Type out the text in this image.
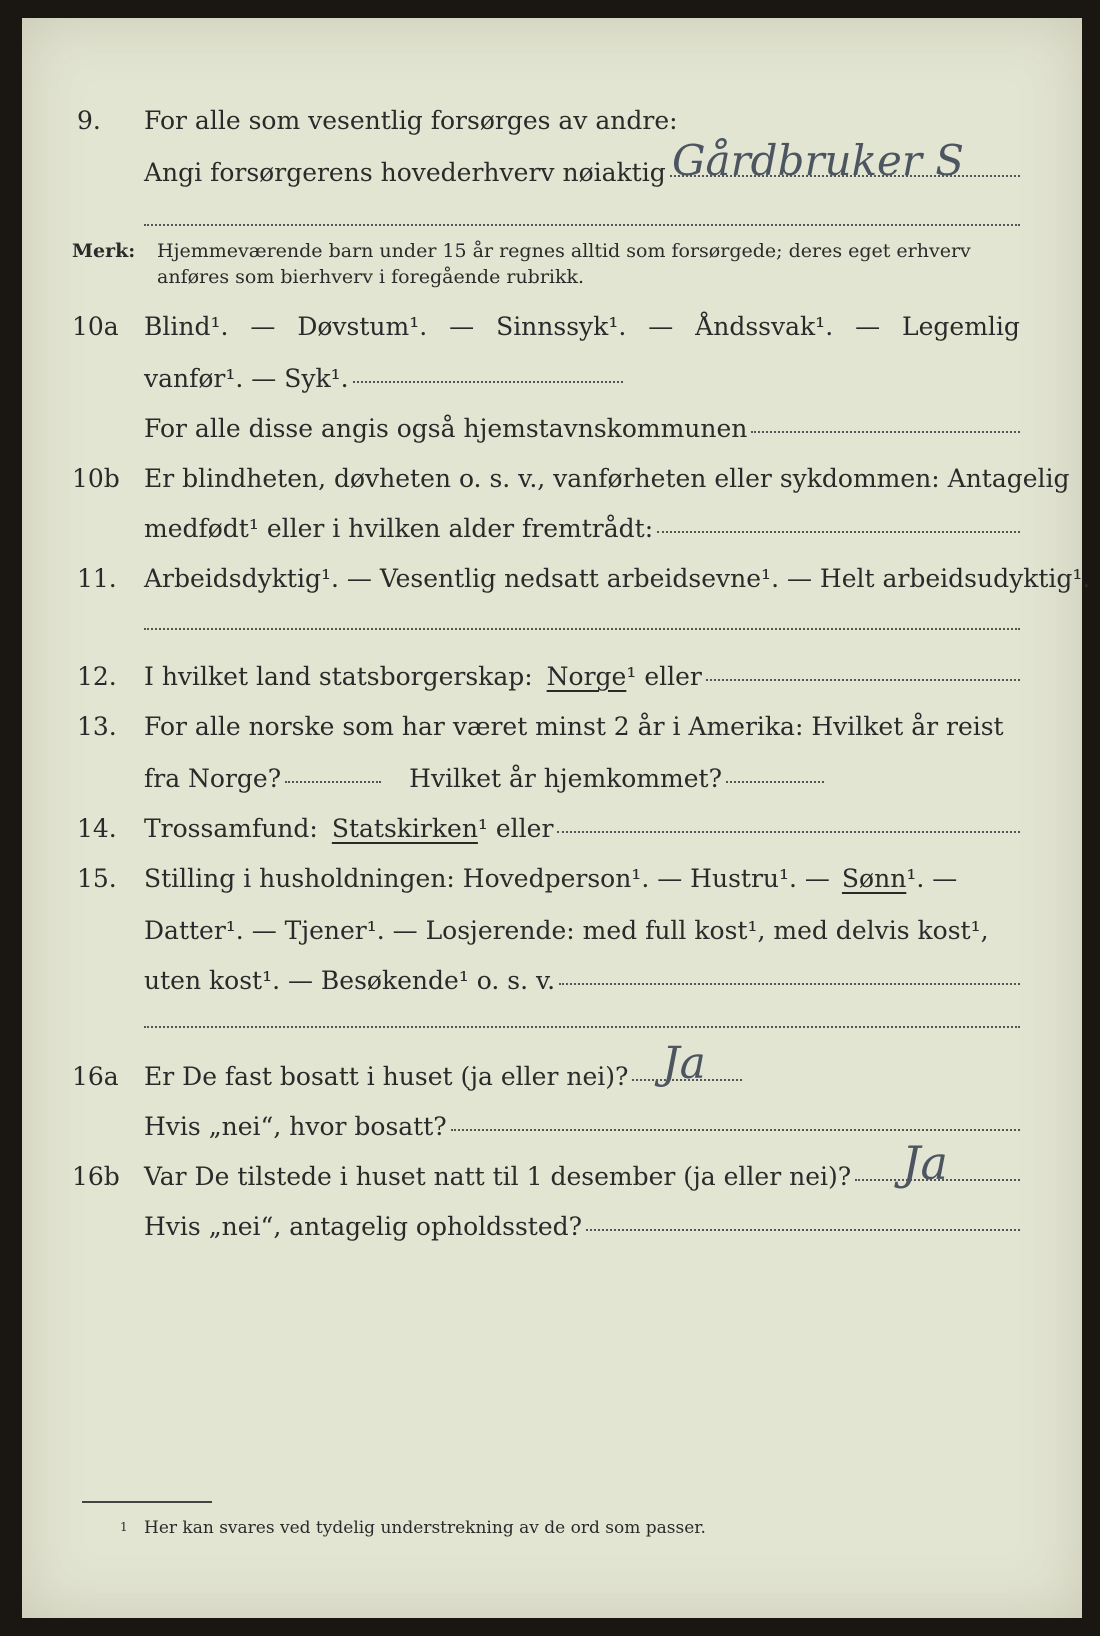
9. For alle som vesentlig forsørges av andre:
Angi forsørgerens hovederhverv nøiaktig Gårdbruker S
Merk: Hjemmeværende barn under 15 år regnes alltid som forsørgede; deres eget erhverv
anføres som bierhverv i foregående rubrikk.
10a Blind¹. — Døvstum¹. — Sinnssyk¹. — Åndssvak¹. — Legemlig
vanfør¹. — Syk¹.
For alle disse angis også hjemstavnskommunen
10b Er blindheten, døvheten o. s. v., vanførheten eller sykdommen: Antagelig
medfødt¹ eller i hvilken alder fremtrådt:
11. Arbeidsdyktig¹. — Vesentlig nedsatt arbeidsevne¹. — Helt arbeidsudyktig¹.
12. I hvilket land statsborgerskap: Norge ¹ eller
13. For alle norske som har været minst 2 år i Amerika: Hvilket år reist
fra Norge?	Hvilket år hjemkommet?
14. Trossamfund: Statskirken ¹ eller
15. Stilling i husholdningen: Hovedperson¹. — Hustru¹. — Sønn ¹. —
Datter¹. — Tjener¹. — Losjerende: med full kost¹, med delvis kost¹,
uten kost¹. — Besøkende¹ o. s. v.
16a Er De fast bosatt i huset (ja eller nei)? Ja
Hvis „nei“, hvor bosatt?
16b Var De tilstede i huset natt til 1 desember (ja eller nei)? Ja
Hvis „nei“, antagelig opholdssted?
1 Her kan svares ved tydelig understrekning av de ord som passer.
